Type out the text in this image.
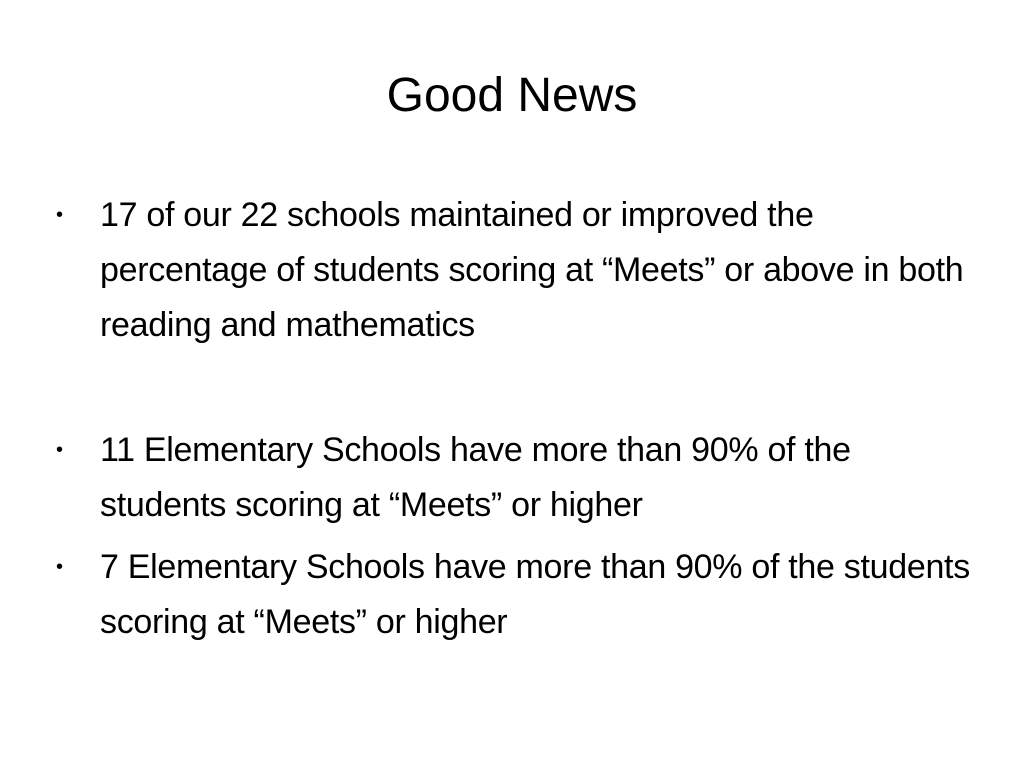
Good News
• 17 of our 22 schools maintained or improved the percentage of students scoring at “Meets” or above in both reading and mathematics
• 11 Elementary Schools have more than 90% of the students scoring at “Meets” or higher
• 7 Elementary Schools have more than 90% of the students scoring at “Meets” or higher
